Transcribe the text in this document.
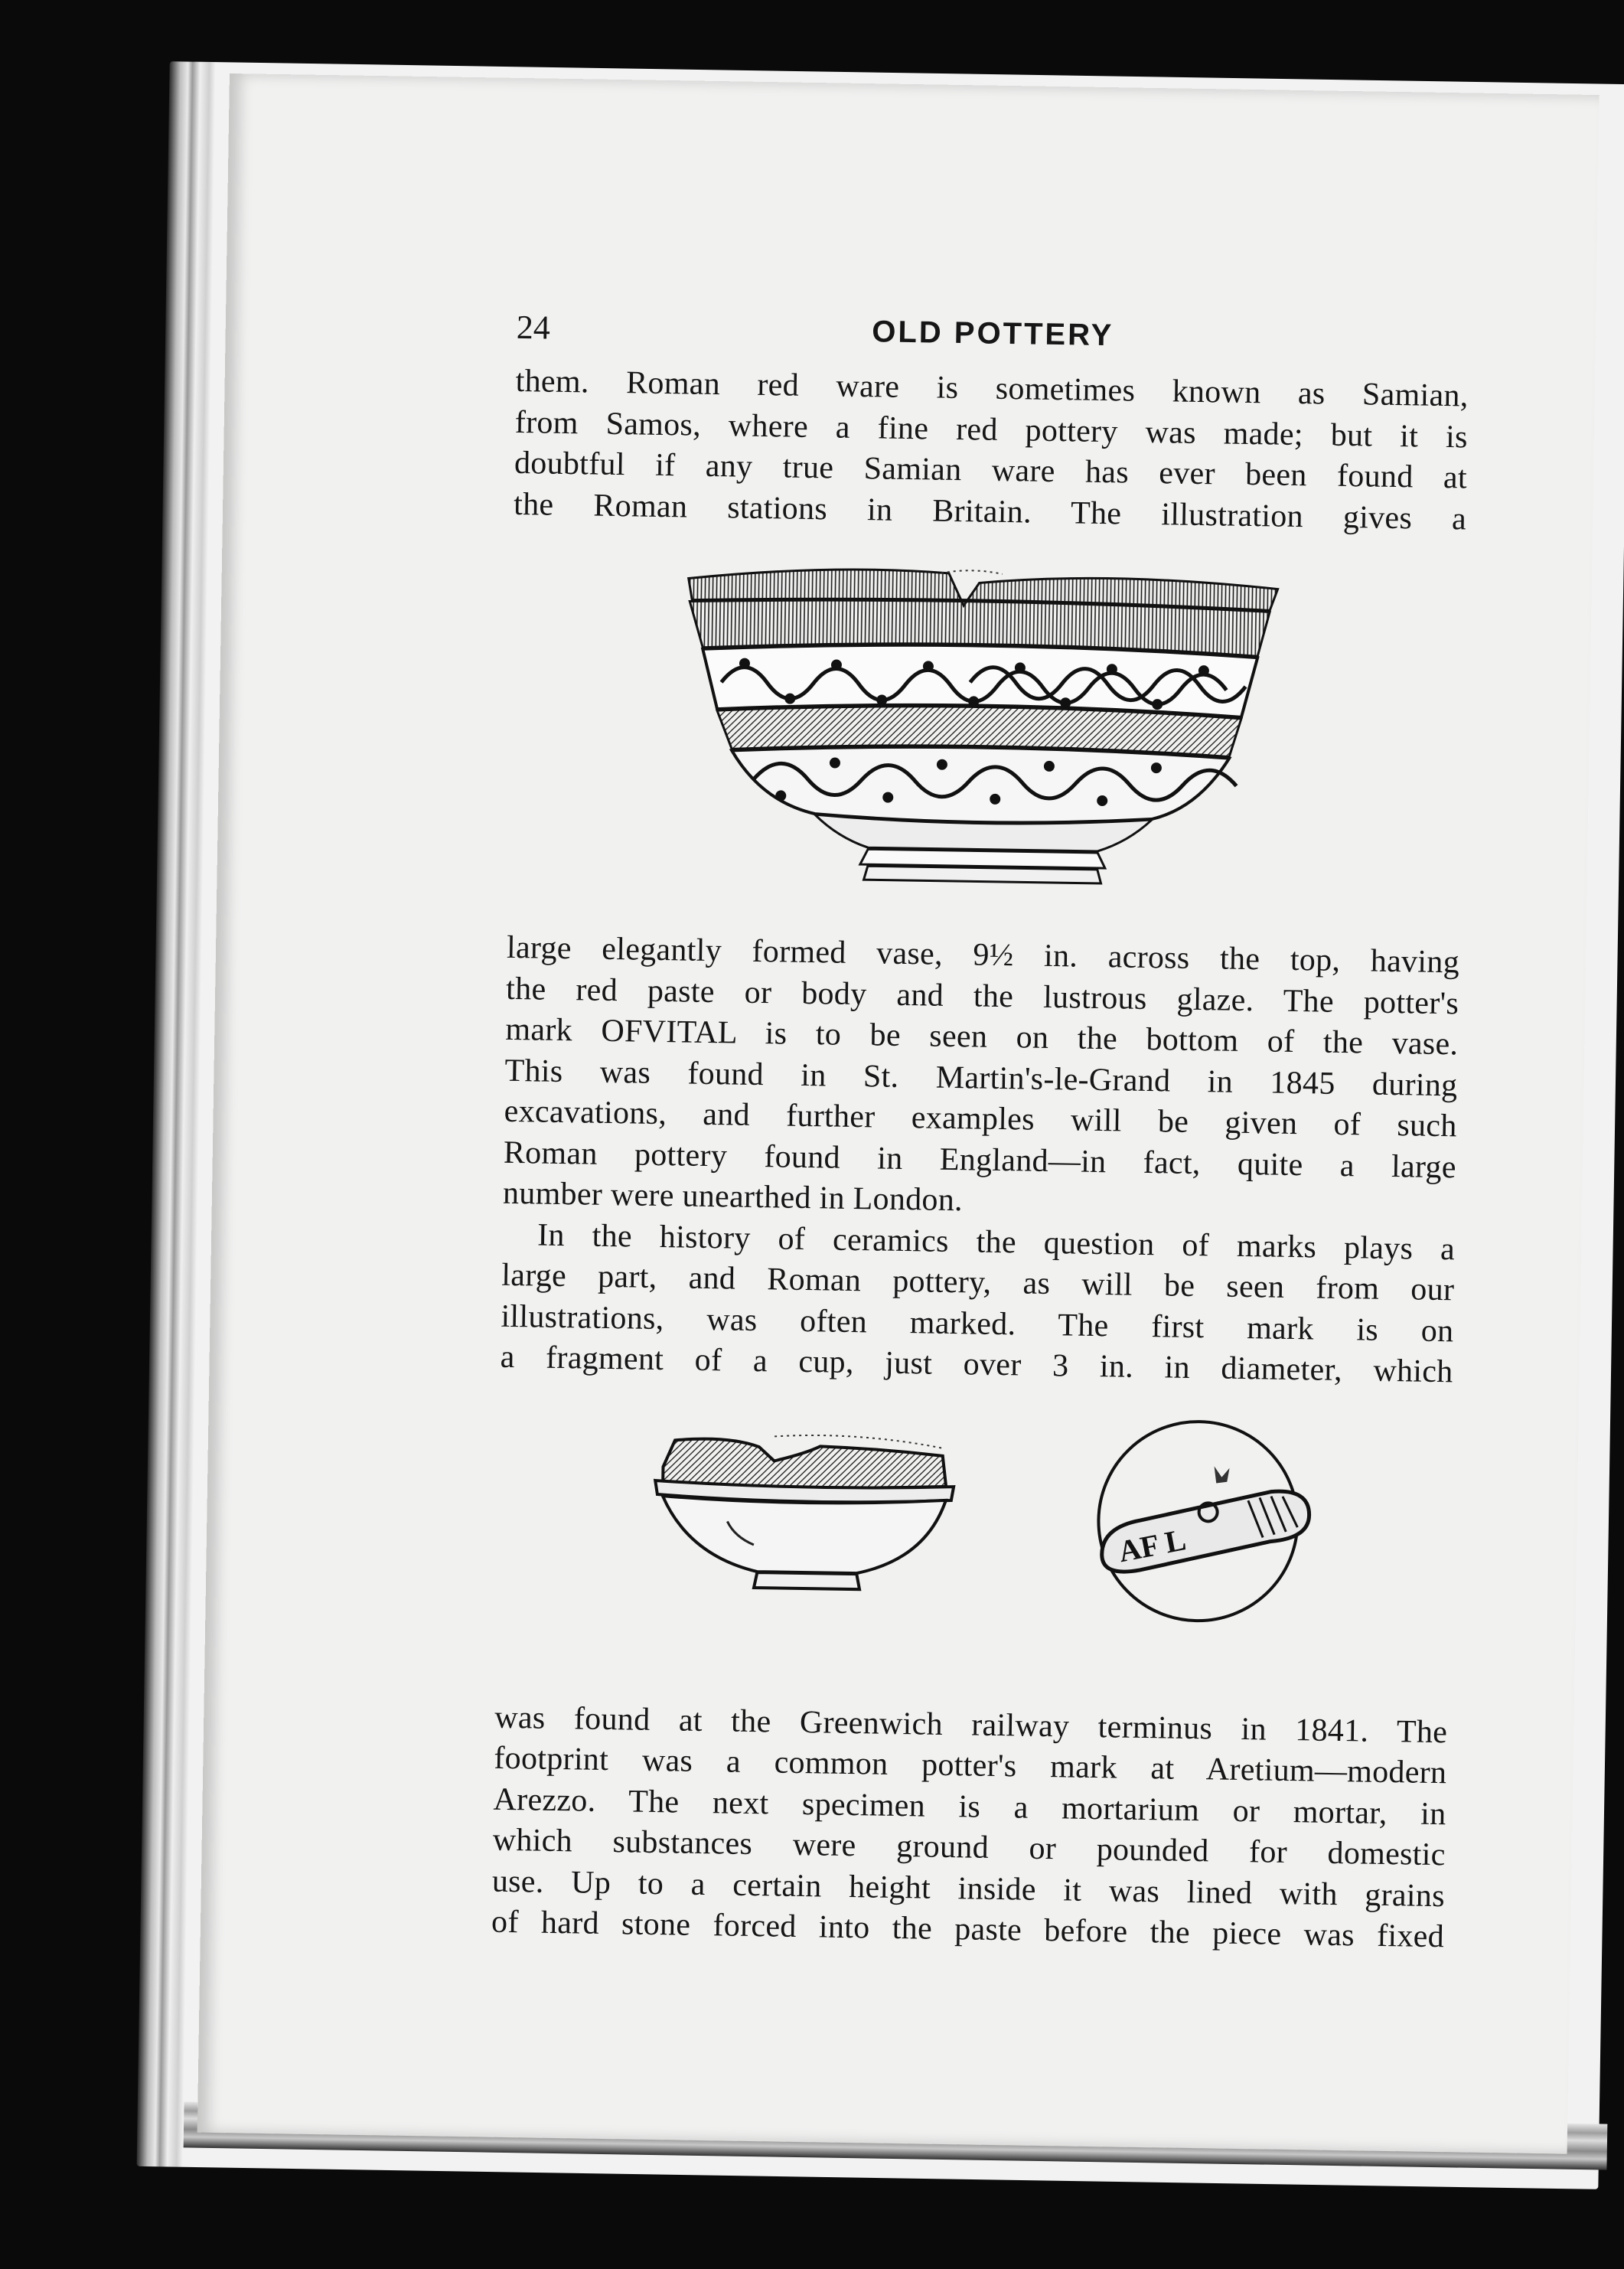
24	OLD POTTERY

them. Roman red ware is sometimes known as Samian,
from Samos, where a fine red pottery was made; but it is
doubtful if any true Samian ware has ever been found at
the Roman stations in Britain. The illustration gives a

large elegantly formed vase, 9½ in. across the top, having
the red paste or body and the lustrous glaze. The potter's
mark OFVITAL is to be seen on the bottom of the vase.
This was found in St. Martin's-le-Grand in 1845 during
excavations, and further examples will be given of such
Roman pottery found in England—in fact, quite a large
number were unearthed in London.

In the history of ceramics the question of marks plays a
large part, and Roman pottery, as will be seen from our
illustrations, was often marked. The first mark is on
a fragment of a cup, just over 3 in. in diameter, which

AF L

was found at the Greenwich railway terminus in 1841. The
footprint was a common potter's mark at Aretium—modern
Arezzo. The next specimen is a mortarium or mortar, in
which substances were ground or pounded for domestic
use. Up to a certain height inside it was lined with grains
of hard stone forced into the paste before the piece was fixed
